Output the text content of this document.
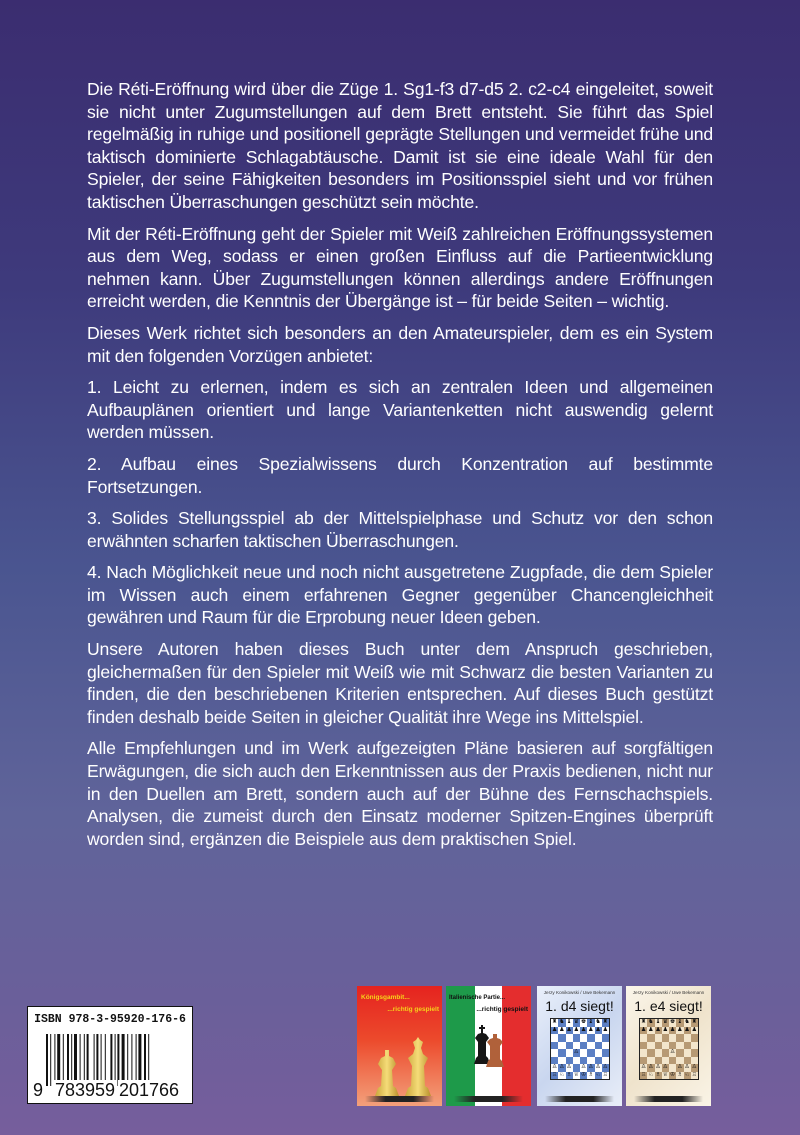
Die Réti-Eröffnung wird über die Züge 1. Sg1-f3 d7-d5 2. c2-c4 eingeleitet, soweit sie nicht unter Zugumstellungen auf dem Brett entsteht. Sie führt das Spiel regelmäßig in ruhige und positionell geprägte Stellungen und vermeidet frühe und taktisch dominierte Schlagabtäusche. Damit ist sie eine ideale Wahl für den Spieler, der seine Fähigkeiten besonders im Positionsspiel sieht und vor frühen taktischen Überraschungen geschützt sein möchte.

Mit der Réti-Eröffnung geht der Spieler mit Weiß zahlreichen Eröffnungssystemen aus dem Weg, sodass er einen großen Einfluss auf die Partieentwicklung nehmen kann. Über Zugumstellungen können allerdings andere Eröffnungen erreicht werden, die Kenntnis der Übergänge ist – für beide Seiten – wichtig.

Dieses Werk richtet sich besonders an den Amateurspieler, dem es ein System mit den folgenden Vorzügen anbietet:

1. Leicht zu erlernen, indem es sich an zentralen Ideen und allgemeinen Aufbauplänen orientiert und lange Variantenketten nicht auswendig gelernt werden müssen.

2. Aufbau eines Spezialwissens durch Konzentration auf bestimmte Fortsetzungen.

3. Solides Stellungsspiel ab der Mittelspielphase und Schutz vor den schon erwähnten scharfen taktischen Überraschungen.

4. Nach Möglichkeit neue und noch nicht ausgetretene Zugpfade, die dem Spieler im Wissen auch einem erfahrenen Gegner gegenüber Chancengleichheit gewähren und Raum für die Erprobung neuer Ideen geben.

Unsere Autoren haben dieses Buch unter dem Anspruch geschrieben, gleichermaßen für den Spieler mit Weiß wie mit Schwarz die besten Varianten zu finden, die den beschriebenen Kriterien entsprechen. Auf dieses Buch gestützt finden deshalb beide Seiten in gleicher Qualität ihre Wege ins Mittelspiel.

Alle Empfehlungen und im Werk aufgezeigten Pläne basieren auf sorgfältigen Erwägungen, die sich auch den Erkenntnissen aus der Praxis bedienen, nicht nur in den Duellen am Brett, sondern auch auf der Bühne des Fernschachspiels. Analysen, die zumeist durch den Einsatz moderner Spitzen-Engines überprüft worden sind, ergänzen die Beispiele aus dem praktischen Spiel.

ISBN 978-3-95920-176-6
9 783959 201766
Königsgambit...
...richtig gespielt
Italienische Partie...
...richtig gespielt
Jerzy Konikowski / Uwe Bekemann
1. d4 siegt!
♜ ♞ ♝ ♛ ♚ ♝ ♞ ♜
♟ ♟ ♟ ♟ ♟ ♟ ♟ ♟
♙
♙ ♙ ♙ ♙ ♙ ♙ ♙
♖ ♘ ♗ ♕ ♔ ♗ ♘ ♖
Jerzy Konikowski / Uwe Bekemann
1. e4 siegt!
♜ ♞ ♝ ♛ ♚ ♝ ♞ ♜
♟ ♟ ♟ ♟ ♟ ♟ ♟ ♟
♙
♙ ♙ ♙ ♙ ♙ ♙ ♙
♖ ♘ ♗ ♕ ♔ ♗ ♘ ♖
